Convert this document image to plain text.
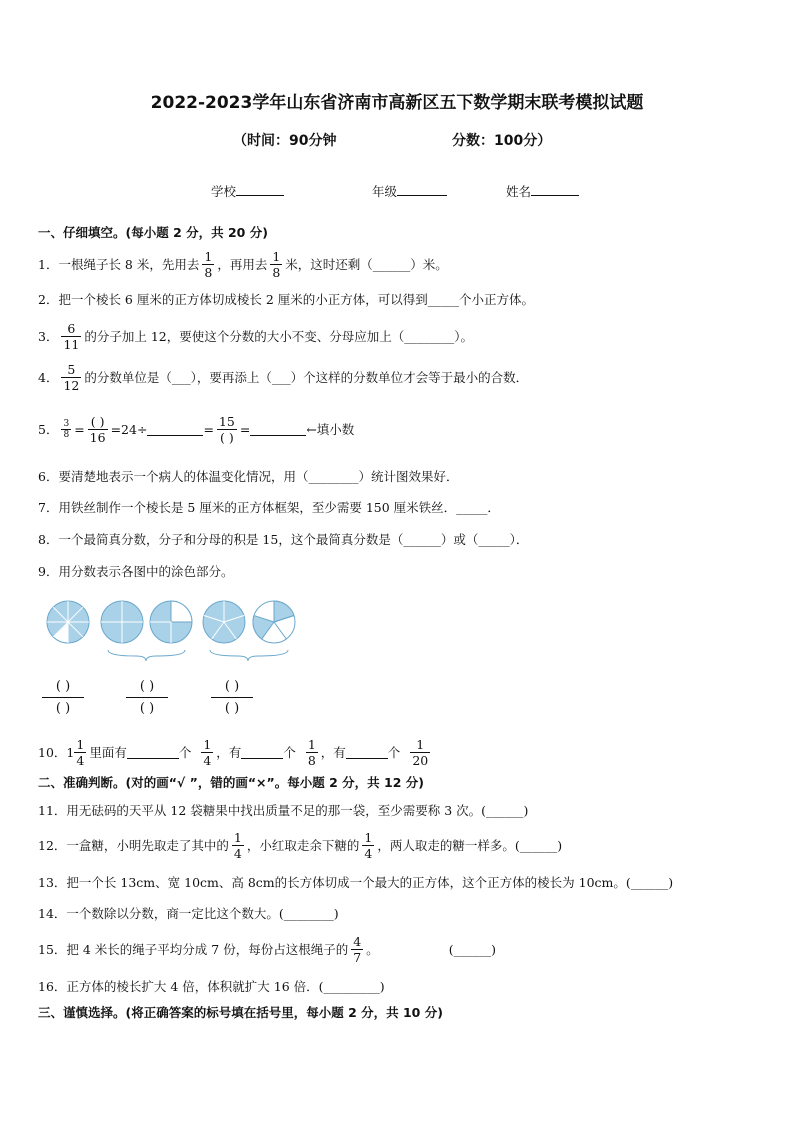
2022-2023学年山东省济南市高新区五下数学期末联考模拟试题
（时间：90分钟	分数：100分）
学校	年级	姓名
一、仔细填空。(每小题 2 分，共 20 分)
1．一根绳子长 8 米，先用去 $\frac{1}{8}$ ，再用去 $\frac{1}{8}$ 米，这时还剩（______）米。
2．把一个棱长 6 厘米的正方体切成棱长 2 厘米的小正方体，可以得到_____个小正方体。
3． $\frac{6}{11}$ 的分子加上 12，要使这个分数的大小不变、分母应加上（________）。
4． $\frac{5}{12}$ 的分数单位是（___），要再添上（___）个这样的分数单位才会等于最小的合数．
5． $\frac{3}{8} = \frac{( )}{16} =24\div$	= $\frac{15}{( )}$ =	←填小数
6．要清楚地表示一个病人的体温变化情况，用（________）统计图效果好．
7．用铁丝制作一个棱长是 5 厘米的正方体框架，至少需要 150 厘米铁丝．_____．
8．一个最简真分数，分子和分母的积是 15，这个最简真分数是（______）或（_____）．
9．用分数表示各图中的涂色部分。
( )
( )
( )
( )
( )
( )
10．$1 \frac{1}{4}$ 里面有	个 $\frac{1}{4}$ ，有	个 $\frac{1}{8}$ ，有	个 $\frac{1}{20}$
二、准确判断。(对的画“√ ”，错的画“×”。每小题 2 分，共 12 分)
11．用无砝码的天平从 12 袋糖果中找出质量不足的那一袋，至少需要称 3 次。(______)
12．一盒糖，小明先取走了其中的 $\frac{1}{4}$ ，小红取走余下糖的 $\frac{1}{4}$ ，两人取走的糖一样多。(______)
13．把一个长 13cm、宽 10cm、高 8cm的长方体切成一个最大的正方体，这个正方体的棱长为 10cm。(______)
14．一个数除以分数，商一定比这个数大。(________)
15．把 4 米长的绳子平均分成 7 份，每份占这根绳子的 $\frac{4}{7}$ 。	(______)
16．正方体的棱长扩大 4 倍，体积就扩大 16 倍．(_________)
三、谨慎选择。(将正确答案的标号填在括号里，每小题 2 分，共 10 分)
